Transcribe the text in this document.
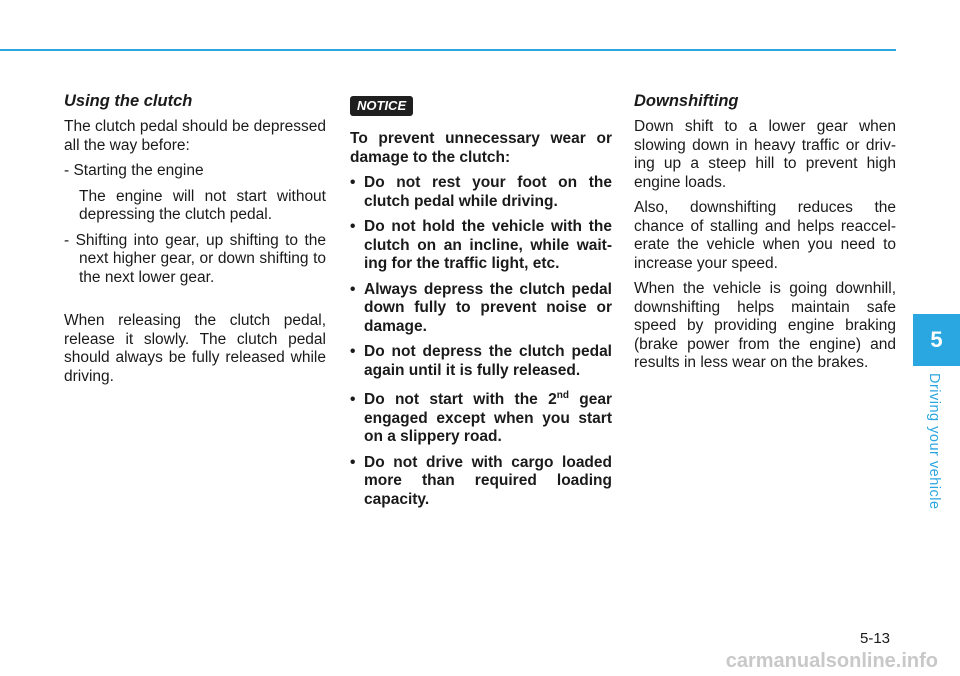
5
Driving your vehicle
Using the clutch

The clutch pedal should be depressed all the way before:

- Starting the engine
The engine will not start without depressing the clutch pedal.
- Shifting into gear, up shifting to the next higher gear, or down shifting to the next lower gear.

When releasing the clutch pedal, release it slowly. The clutch pedal should always be fully released while driving.

NOTICE
To prevent unnecessary wear or damage to the clutch:
• Do not rest your foot on the clutch pedal while driving.
• Do not hold the vehicle with the clutch on an incline, while wait-ing for the traffic light, etc.
• Always depress the clutch pedal down fully to prevent noise or damage.
• Do not depress the clutch pedal again until it is fully released.
• Do not start with the 2nd gear engaged except when you start on a slippery road.
• Do not drive with cargo loaded more than required loading capacity.
Downshifting

Down shift to a lower gear when slowing down in heavy traffic or driv-ing up a steep hill to prevent high engine loads.

Also, downshifting reduces the chance of stalling and helps reaccel-erate the vehicle when you need to increase your speed.

When the vehicle is going downhill, downshifting helps maintain safe speed by providing engine braking (brake power from the engine) and results in less wear on the brakes.

5-13
carmanualsonline.info
